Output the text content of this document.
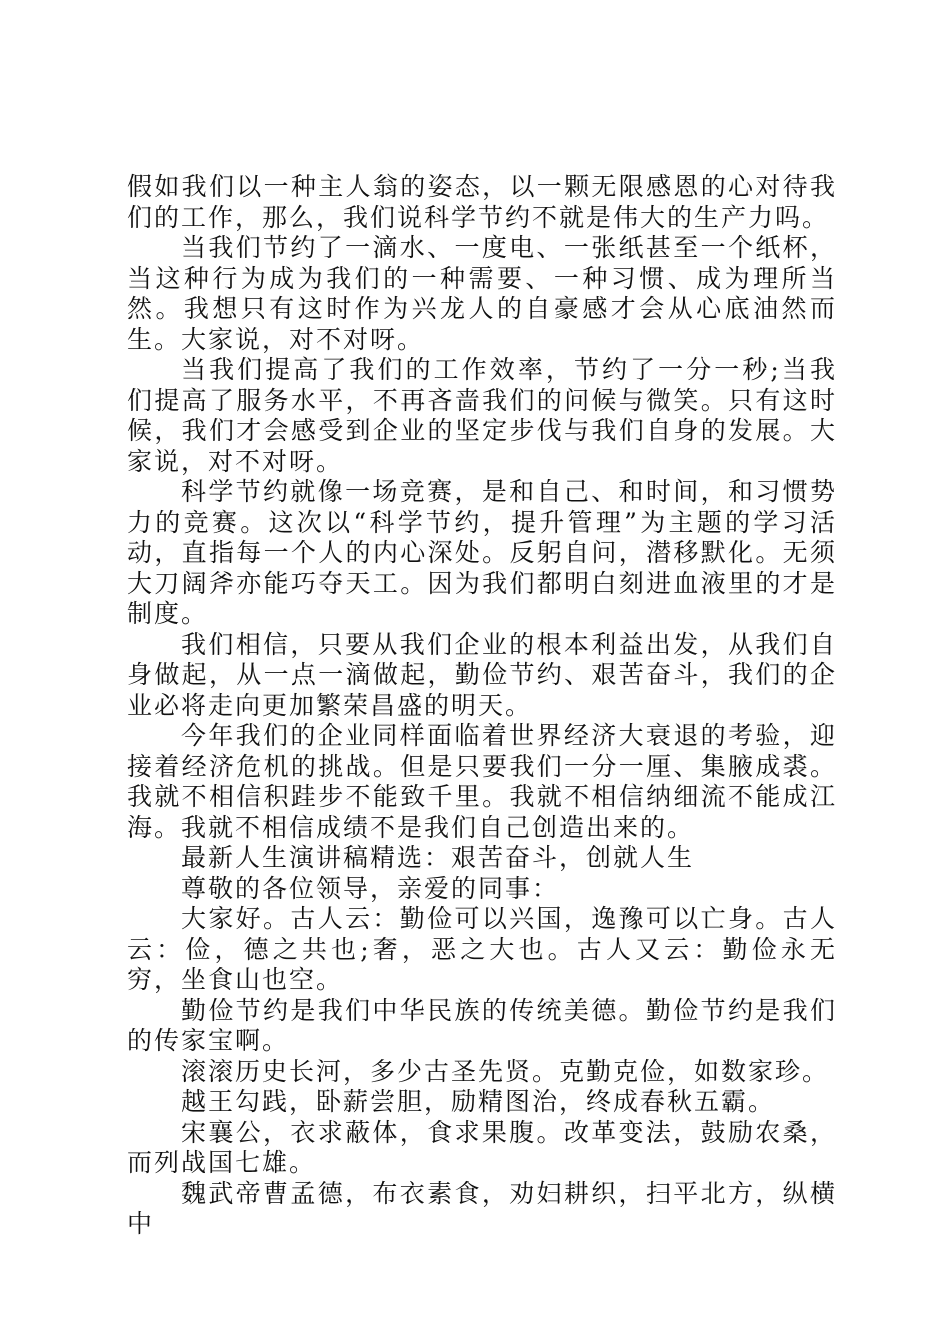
假如我们以一种主人翁的姿态，以一颗无限感恩的心对待我们的工作，那么，我们说科学节约不就是伟大的生产力吗。

当我们节约了一滴水、一度电、一张纸甚至一个纸杯，当这种行为成为我们的一种需要、一种习惯、成为理所当然。我想只有这时作为兴龙人的自豪感才会从心底油然而生。大家说，对不对呀。

当我们提高了我们的工作效率，节约了一分一秒;当我们提高了服务水平，不再吝啬我们的问候与微笑。只有这时候，我们才会感受到企业的坚定步伐与我们自身的发展。大家说，对不对呀。

科学节约就像一场竞赛，是和自己、和时间，和习惯势力的竞赛。这次以“科学节约，提升管理”为主题的学习活动，直指每一个人的内心深处。反躬自问，潜移默化。无须大刀阔斧亦能巧夺天工。因为我们都明白刻进血液里的才是制度。

我们相信，只要从我们企业的根本利益出发，从我们自身做起，从一点一滴做起，勤俭节约、艰苦奋斗，我们的企业必将走向更加繁荣昌盛的明天。

今年我们的企业同样面临着世界经济大衰退的考验，迎接着经济危机的挑战。但是只要我们一分一厘、集腋成裘。我就不相信积跬步不能致千里。我就不相信纳细流不能成江海。我就不相信成绩不是我们自己创造出来的。

最新人生演讲稿精选：艰苦奋斗，创就人生

尊敬的各位领导，亲爱的同事：

大家好。古人云：勤俭可以兴国，逸豫可以亡身。古人云：俭，德之共也;奢，恶之大也。古人又云：勤俭永无穷，坐食山也空。

勤俭节约是我们中华民族的传统美德。勤俭节约是我们的传家宝啊。

滚滚历史长河，多少古圣先贤。克勤克俭，如数家珍。

越王勾践，卧薪尝胆，励精图治，终成春秋五霸。

宋襄公，衣求蔽体，食求果腹。改革变法，鼓励农桑，而列战国七雄。

魏武帝曹孟德，布衣素食，劝妇耕织，扫平北方，纵横中
